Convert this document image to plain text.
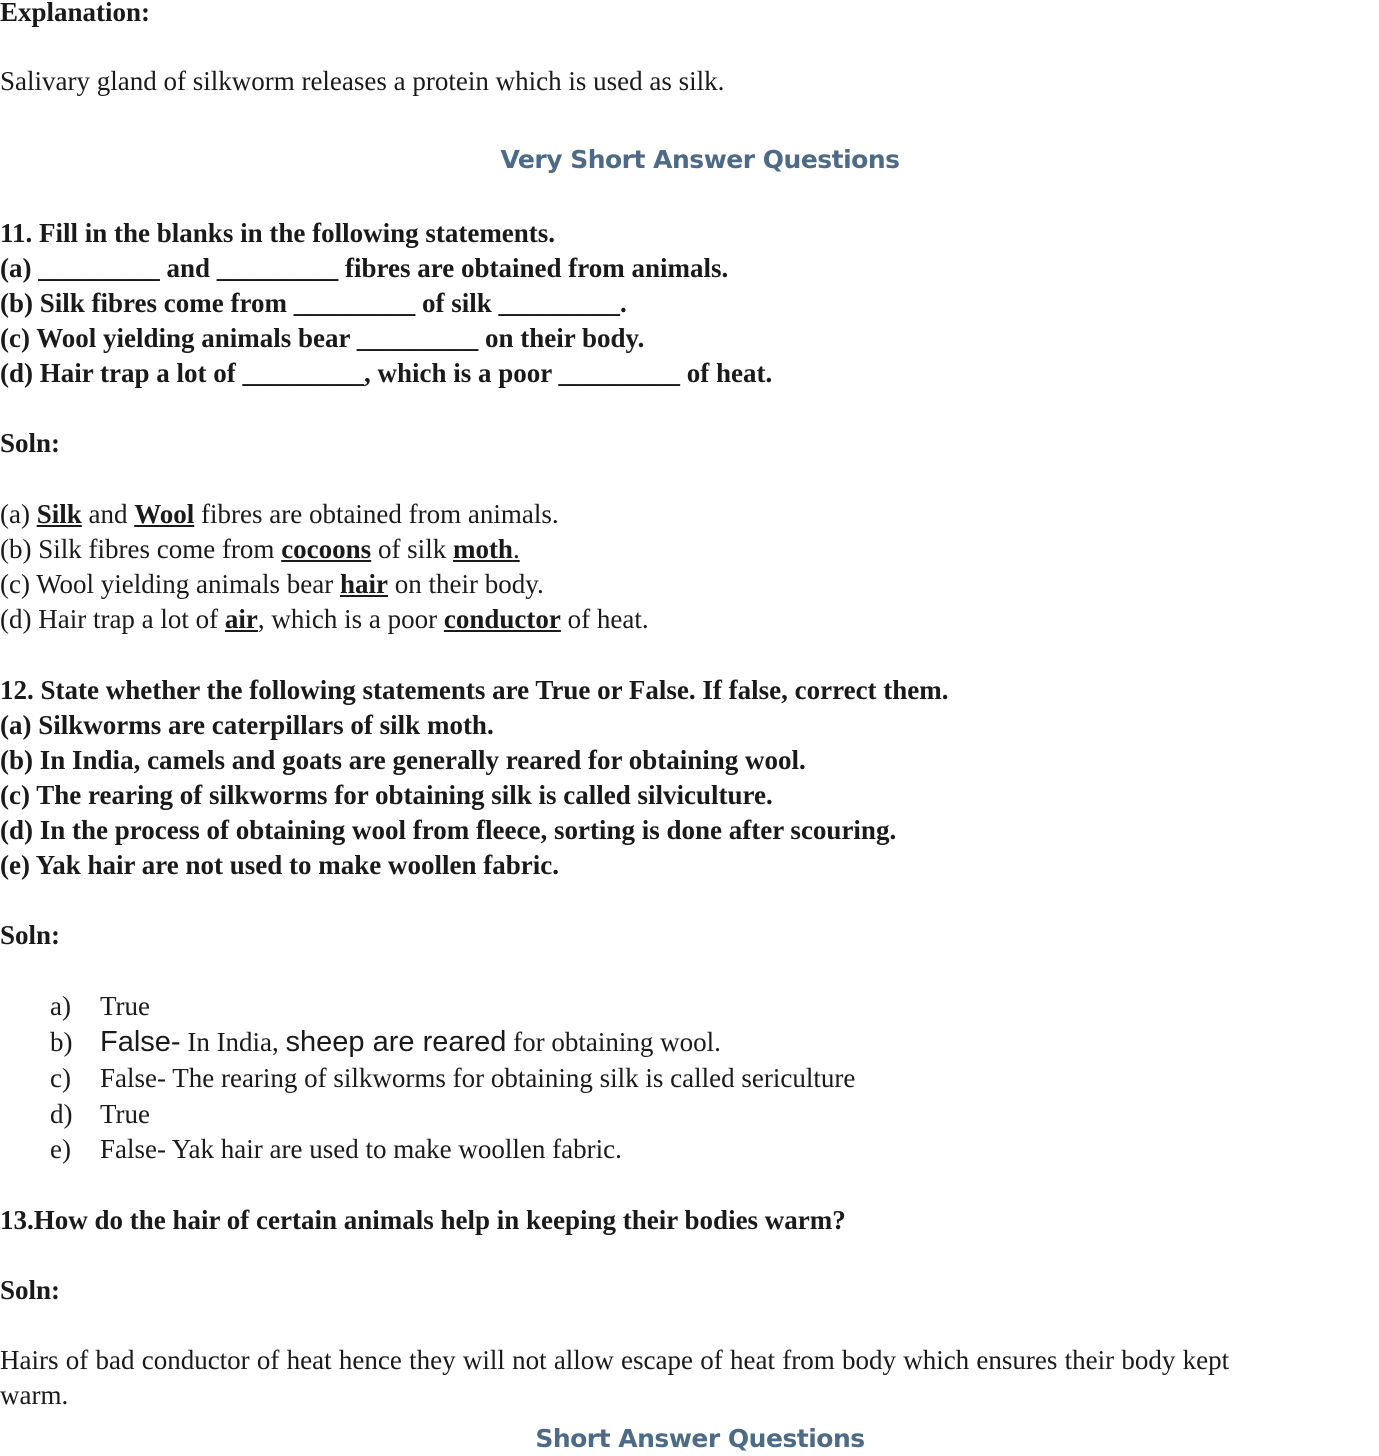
Explanation:
Salivary gland of silkworm releases a protein which is used as silk.
Very Short Answer Questions
11. Fill in the blanks in the following statements.
(a) _________ and _________ fibres are obtained from animals.
(b) Silk fibres come from _________ of silk _________.
(c) Wool yielding animals bear _________ on their body.
(d) Hair trap a lot of _________, which is a poor _________ of heat.
Soln:
(a) Silk and Wool fibres are obtained from animals.
(b) Silk fibres come from cocoons of silk moth.
(c) Wool yielding animals bear hair on their body.
(d) Hair trap a lot of air, which is a poor conductor of heat.
12. State whether the following statements are True or False. If false, correct them.
(a) Silkworms are caterpillars of silk moth.
(b) In India, camels and goats are generally reared for obtaining wool.
(c) The rearing of silkworms for obtaining silk is called silviculture.
(d) In the process of obtaining wool from fleece, sorting is done after scouring.
(e) Yak hair are not used to make woollen fabric.
Soln:
a) True
b) False- In India, sheep are reared for obtaining wool.
c) False- The rearing of silkworms for obtaining silk is called sericulture
d) True
e) False- Yak hair are used to make woollen fabric.
13.How do the hair of certain animals help in keeping their bodies warm?
Soln:
Hairs of bad conductor of heat hence they will not allow escape of heat from body which ensures their body kept
warm.
Short Answer Questions
